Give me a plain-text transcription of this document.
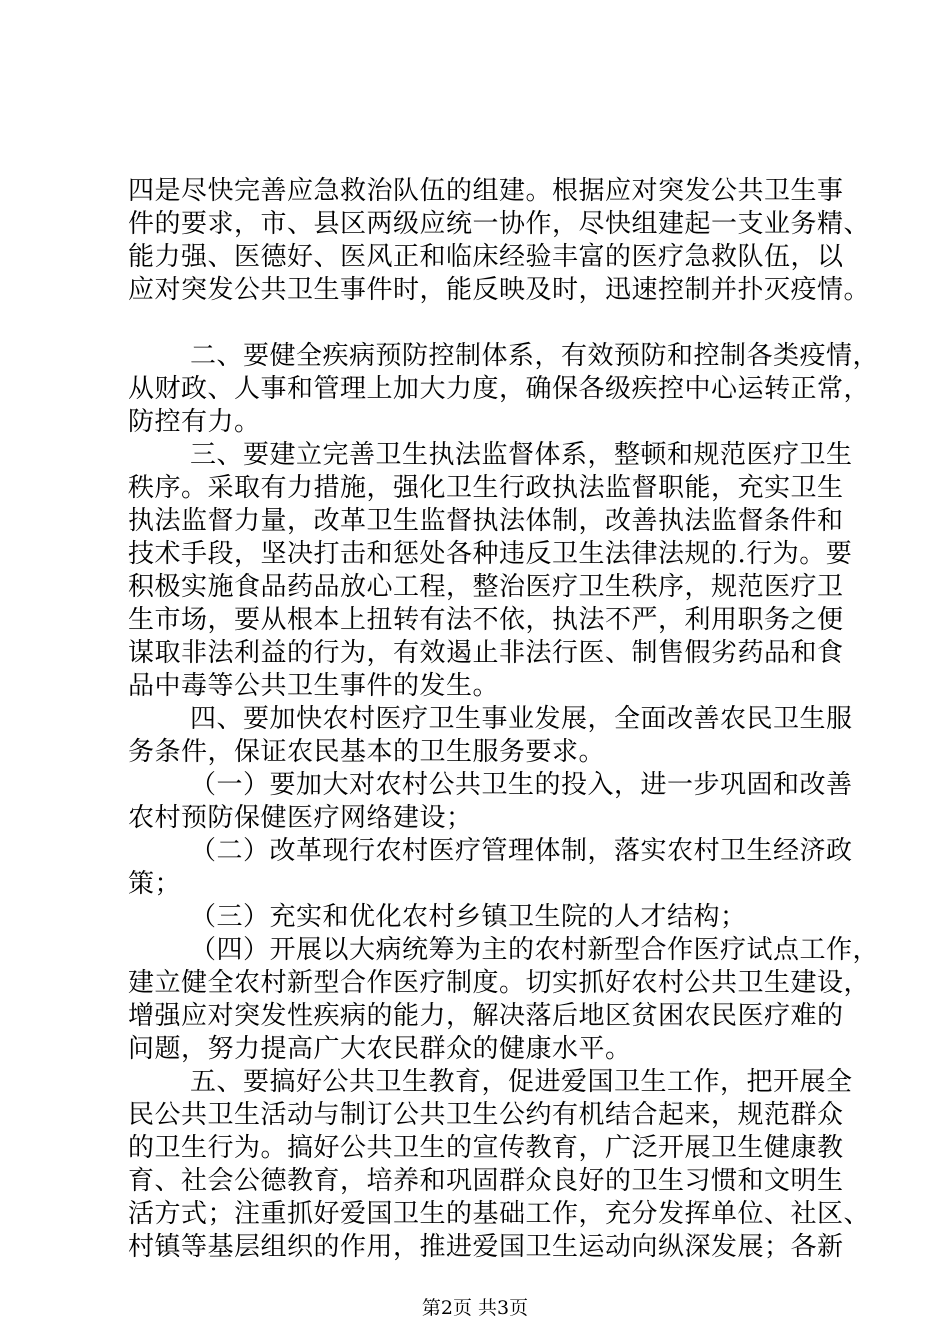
四是尽快完善应急救治队伍的组建。根据应对突发公共卫生事
件的要求，市、县区两级应统一协作，尽快组建起一支业务精、
能力强、医德好、医风正和临床经验丰富的医疗急救队伍，以
应对突发公共卫生事件时，能反映及时，迅速控制并扑灭疫情。
二、要健全疾病预防控制体系，有效预防和控制各类疫情，
从财政、人事和管理上加大力度，确保各级疾控中心运转正常，
防控有力。
三、要建立完善卫生执法监督体系，整顿和规范医疗卫生
秩序。采取有力措施，强化卫生行政执法监督职能，充实卫生
执法监督力量，改革卫生监督执法体制，改善执法监督条件和
技术手段，坚决打击和惩处各种违反卫生法律法规的.行为。要
积极实施食品药品放心工程，整治医疗卫生秩序，规范医疗卫
生市场，要从根本上扭转有法不依，执法不严，利用职务之便
谋取非法利益的行为，有效遏止非法行医、制售假劣药品和食
品中毒等公共卫生事件的发生。
四、要加快农村医疗卫生事业发展，全面改善农民卫生服
务条件，保证农民基本的卫生服务要求。
（一）要加大对农村公共卫生的投入，进一步巩固和改善
农村预防保健医疗网络建设；
（二）改革现行农村医疗管理体制，落实农村卫生经济政
策；
（三）充实和优化农村乡镇卫生院的人才结构；
（四）开展以大病统筹为主的农村新型合作医疗试点工作，
建立健全农村新型合作医疗制度。切实抓好农村公共卫生建设，
增强应对突发性疾病的能力，解决落后地区贫困农民医疗难的
问题，努力提高广大农民群众的健康水平。
五、要搞好公共卫生教育，促进爱国卫生工作，把开展全
民公共卫生活动与制订公共卫生公约有机结合起来，规范群众
的卫生行为。搞好公共卫生的宣传教育，广泛开展卫生健康教
育、社会公德教育，培养和巩固群众良好的卫生习惯和文明生
活方式；注重抓好爱国卫生的基础工作，充分发挥单位、社区、
村镇等基层组织的作用，推进爱国卫生运动向纵深发展；各新
第2页 共3页
